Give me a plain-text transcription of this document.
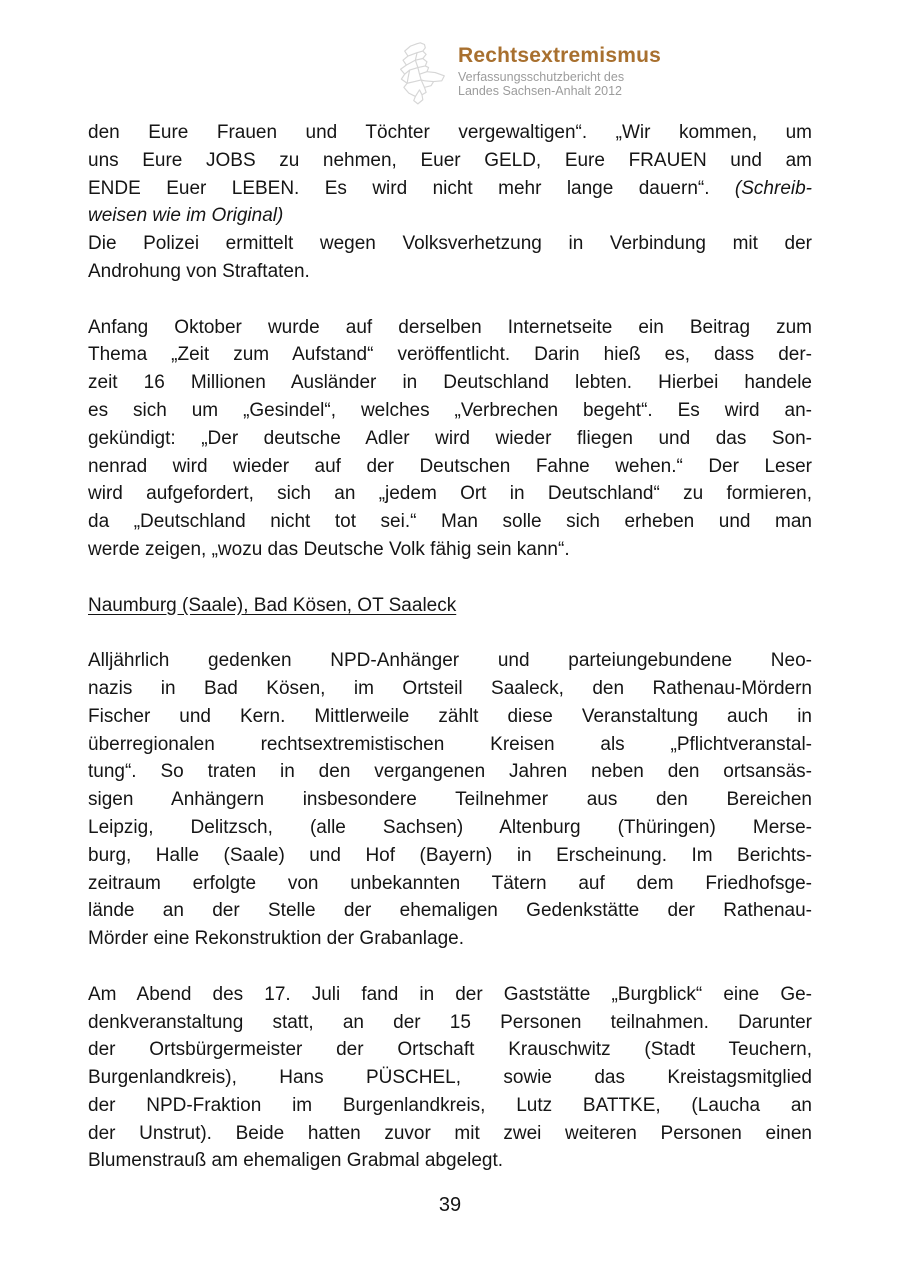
Rechtsextremismus
Verfassungsschutzbericht des
Landes Sachsen-Anhalt 2012
den Eure Frauen und Töchter vergewaltigen“. „Wir kommen, um
uns Eure JOBS zu nehmen, Euer GELD, Eure FRAUEN und am
ENDE Euer LEBEN. Es wird nicht mehr lange dauern“. (Schreib-
weisen wie im Original)
Die Polizei ermittelt wegen Volksverhetzung in Verbindung mit der
Androhung von Straftaten.
Anfang Oktober wurde auf derselben Internetseite ein Beitrag zum
Thema „Zeit zum Aufstand“ veröffentlicht. Darin hieß es, dass der-
zeit 16 Millionen Ausländer in Deutschland lebten. Hierbei handele
es sich um „Gesindel“, welches „Verbrechen begeht“. Es wird an-
gekündigt: „Der deutsche Adler wird wieder fliegen und das Son-
nenrad wird wieder auf der Deutschen Fahne wehen.“ Der Leser
wird aufgefordert, sich an „jedem Ort in Deutschland“ zu formieren,
da „Deutschland nicht tot sei.“ Man solle sich erheben und man
werde zeigen, „wozu das Deutsche Volk fähig sein kann“.
Naumburg (Saale), Bad Kösen, OT Saaleck
Alljährlich gedenken NPD-Anhänger und parteiungebundene Neo-
nazis in Bad Kösen, im Ortsteil Saaleck, den Rathenau-Mördern
Fischer und Kern. Mittlerweile zählt diese Veranstaltung auch in
überregionalen rechtsextremistischen Kreisen als „Pflichtveranstal-
tung“. So traten in den vergangenen Jahren neben den ortsansäs-
sigen Anhängern insbesondere Teilnehmer aus den Bereichen
Leipzig, Delitzsch, (alle Sachsen) Altenburg (Thüringen) Merse-
burg, Halle (Saale) und Hof (Bayern) in Erscheinung. Im Berichts-
zeitraum erfolgte von unbekannten Tätern auf dem Friedhofsge-
lände an der Stelle der ehemaligen Gedenkstätte der Rathenau-
Mörder eine Rekonstruktion der Grabanlage.
Am Abend des 17. Juli fand in der Gaststätte „Burgblick“ eine Ge-
denkveranstaltung statt, an der 15 Personen teilnahmen. Darunter
der Ortsbürgermeister der Ortschaft Krauschwitz (Stadt Teuchern,
Burgenlandkreis), Hans PÜSCHEL, sowie das Kreistagsmitglied
der NPD-Fraktion im Burgenlandkreis, Lutz BATTKE, (Laucha an
der Unstrut). Beide hatten zuvor mit zwei weiteren Personen einen
Blumenstrauß am ehemaligen Grabmal abgelegt.
39
